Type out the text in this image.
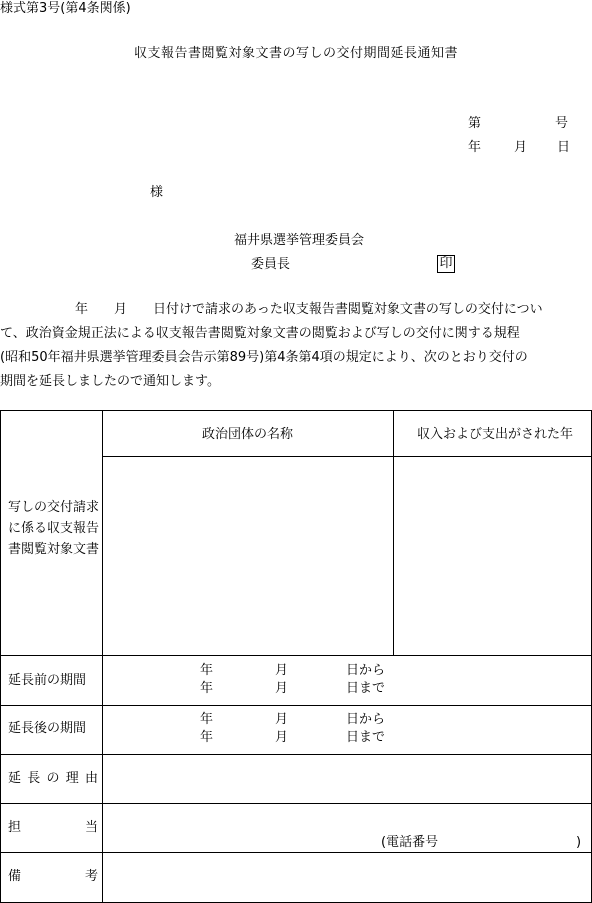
様式第3号(第4条関係)
収支報告書閲覧対象文書の写しの交付期間延長通知書
第	号
年	月 日
様
福井県選挙管理委員会
委員長	印
年　　月　　日付けで請求のあった収支報告書閲覧対象文書の写しの交付につい
て、政治資金規正法による収支報告書閲覧対象文書の閲覧および写しの交付に関する規程
(昭和50年福井県選挙管理委員会告示第89号)第4条第4項の規定により、次のとおり交付の
期間を延長しましたので通知します。
政治団体の名称	収入および支出がされた年
写しの交付請求に係る収支報告書閲覧対象文書
延長前の期間
年	月	日から
年	月	日まで
延長後の期間
年	月	日から
年	月	日まで
延 長 の 理 由
担	当
(電話番号	)
備	考
